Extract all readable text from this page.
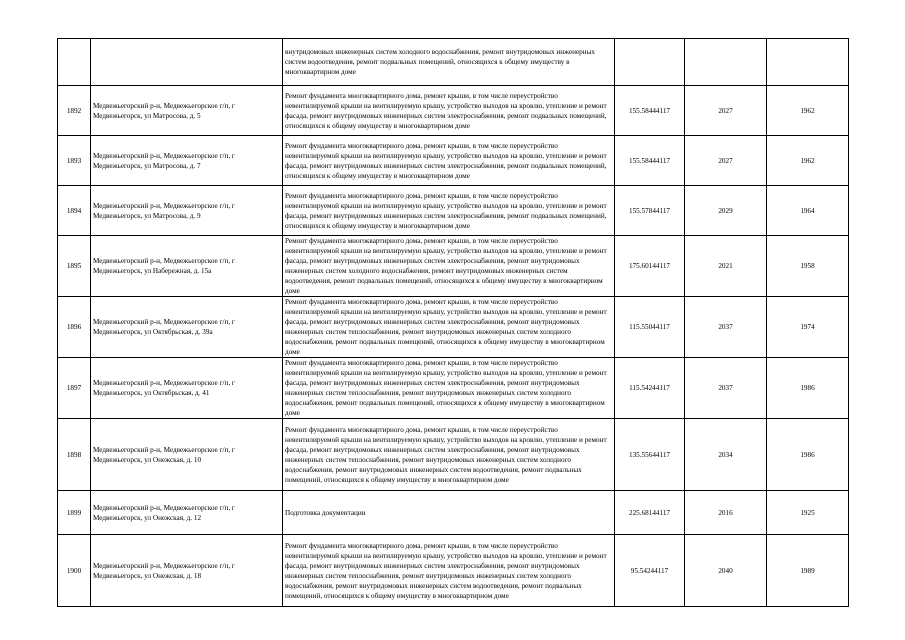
		внутридомовых инженерных систем холодного водоснабжения, ремонт внутридомовых инженерных систем водоотведения, ремонт подвальных помещений, относящихся к общему имуществу в многоквартирном доме			
1892	Медвежьегорский р-н, Медвежьегорское г/п, г Медвежьегорск, ул Матросова, д. 5	Ремонт фундамента многоквартирного дома, ремонт крыши, в том числе переустройство невентилируемой крыши на вентилируемую крышу, устройство выходов на кровлю, утепление и ремонт фасада, ремонт внутридомовых инженерных систем электроснабжения, ремонт подвальных помещений, относящихся к общему имуществу в многоквартирном доме	155.58444117	2027	1962
1893	Медвежьегорский р-н, Медвежьегорское г/п, г Медвежьегорск, ул Матросова, д. 7	Ремонт фундамента многоквартирного дома, ремонт крыши, в том числе переустройство невентилируемой крыши на вентилируемую крышу, устройство выходов на кровлю, утепление и ремонт фасада, ремонт внутридомовых инженерных систем электроснабжения, ремонт подвальных помещений, относящихся к общему имуществу в многоквартирном доме	155.58444117	2027	1962
1894	Медвежьегорский р-н, Медвежьегорское г/п, г Медвежьегорск, ул Матросова, д. 9	Ремонт фундамента многоквартирного дома, ремонт крыши, в том числе переустройство невентилируемой крыши на вентилируемую крышу, устройство выходов на кровлю, утепление и ремонт фасада, ремонт внутридомовых инженерных систем электроснабжения, ремонт подвальных помещений, относящихся к общему имуществу в многоквартирном доме	155.57844117	2029	1964
1895	Медвежьегорский р-н, Медвежьегорское г/п, г Медвежьегорск, ул Набережная, д. 15а	Ремонт фундамента многоквартирного дома, ремонт крыши, в том числе переустройство невентилируемой крыши на вентилируемую крышу, устройство выходов на кровлю, утепление и ремонт фасада, ремонт внутридомовых инженерных систем электроснабжения, ремонт внутридомовых инженерных систем холодного водоснабжения, ремонт внутридомовых инженерных систем водоотведения, ремонт подвальных помещений, относящихся к общему имуществу в многоквартирном доме	175.60144117	2021	1958
1896	Медвежьегорский р-н, Медвежьегорское г/п, г Медвежьегорск, ул Октябрьская, д. 39а	Ремонт фундамента многоквартирного дома, ремонт крыши, в том числе переустройство невентилируемой крыши на вентилируемую крышу, устройство выходов на кровлю, утепление и ремонт фасада, ремонт внутридомовых инженерных систем электроснабжения, ремонт внутридомовых инженерных систем теплоснабжения, ремонт внутридомовых инженерных систем холодного водоснабжения, ремонт подвальных помещений, относящихся к общему имуществу в многоквартирном доме	115.55044117	2037	1974
1897	Медвежьегорский р-н, Медвежьегорское г/п, г Медвежьегорск, ул Октябрьская, д. 41	Ремонт фундамента многоквартирного дома, ремонт крыши, в том числе переустройство невентилируемой крыши на вентилируемую крышу, устройство выходов на кровлю, утепление и ремонт фасада, ремонт внутридомовых инженерных систем электроснабжения, ремонт внутридомовых инженерных систем теплоснабжения, ремонт внутридомовых инженерных систем холодного водоснабжения, ремонт подвальных помещений, относящихся к общему имуществу в многоквартирном доме	115.54244117	2037	1986
1898	Медвежьегорский р-н, Медвежьегорское г/п, г Медвежьегорск, ул Онежская, д. 10	Ремонт фундамента многоквартирного дома, ремонт крыши, в том числе переустройство невентилируемой крыши на вентилируемую крышу, устройство выходов на кровлю, утепление и ремонт фасада, ремонт внутридомовых инженерных систем электроснабжения, ремонт внутридомовых инженерных систем теплоснабжения, ремонт внутридомовых инженерных систем холодного водоснабжения, ремонт внутридомовых инженерных систем водоотведения, ремонт подвальных помещений, относящихся к общему имуществу в многоквартирном доме	135.55644117	2034	1986
1899	Медвежьегорский р-н, Медвежьегорское г/п, г Медвежьегорск, ул Онежская, д. 12	Подготовка документации	225.68144117	2016	1925
1900	Медвежьегорский р-н, Медвежьегорское г/п, г Медвежьегорск, ул Онежская, д. 18	Ремонт фундамента многоквартирного дома, ремонт крыши, в том числе переустройство невентилируемой крыши на вентилируемую крышу, устройство выходов на кровлю, утепление и ремонт фасада, ремонт внутридомовых инженерных систем электроснабжения, ремонт внутридомовых инженерных систем теплоснабжения, ремонт внутридомовых инженерных систем холодного водоснабжения, ремонт внутридомовых инженерных систем водоотведения, ремонт подвальных помещений, относящихся к общему имуществу в многоквартирном доме	95.54244117	2040	1989
